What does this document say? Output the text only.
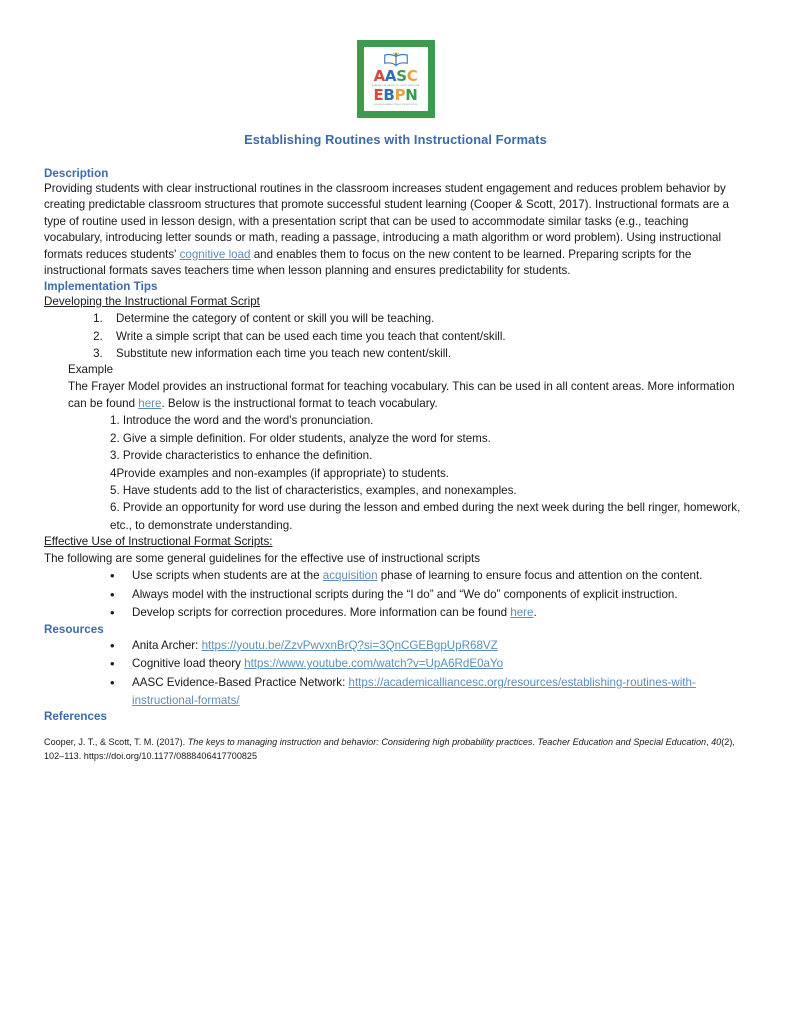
AASC
ACADEMIC ALLIANCE OF SOUTH CAROLINA
EBPN
EVIDENCE-BASED PRACTICE NETWORK
Establishing Routines with Instructional Formats
Description

Providing students with clear instructional routines in the classroom increases student engagement and reduces problem behavior by creating predictable classroom structures that promote successful student learning (Cooper & Scott, 2017). Instructional formats are a type of routine used in lesson design, with a presentation script that can be used to accommodate similar tasks (e.g., teaching vocabulary, introducing letter sounds or math, reading a passage, introducing a math algorithm or word problem). Using instructional formats reduces students' cognitive load and enables them to focus on the new content to be learned. Preparing scripts for the instructional formats saves teachers time when lesson planning and ensures predictability for students.

Implementation Tips
Developing the Instructional Format Script
1. Determine the category of content or skill you will be teaching.
2. Write a simple script that can be used each time you teach that content/skill.
3. Substitute new information each time you teach new content/skill.
Example
The Frayer Model provides an instructional format for teaching vocabulary. This can be used in all content areas. More information can be found here. Below is the instructional format to teach vocabulary.
1. Introduce the word and the word’s pronunciation.
2. Give a simple definition. For older students, analyze the word for stems.
3. Provide characteristics to enhance the definition.
4Provide examples and non-examples (if appropriate) to students.
5. Have students add to the list of characteristics, examples, and nonexamples.
6. Provide an opportunity for word use during the lesson and embed during the next week during the bell ringer, homework, etc., to demonstrate understanding.
Effective Use of Instructional Format Scripts:
The following are some general guidelines for the effective use of instructional scripts
• Use scripts when students are at the acquisition phase of learning to ensure focus and attention on the content.
• Always model with the instructional scripts during the “I do” and “We do” components of explicit instruction.
• Develop scripts for correction procedures. More information can be found here.
Resources
• Anita Archer: https://youtu.be/ZzvPwvxnBrQ?si=3QnCGEBgpUpR68VZ
• Cognitive load theory https://www.youtube.com/watch?v=UpA6RdE0aYo
• AASC Evidence-Based Practice Network: https://academicalliancesc.org/resources/establishing-routines-with-instructional-formats/
References
Cooper, J. T., & Scott, T. M. (2017). The keys to managing instruction and behavior: Considering high probability practices. Teacher Education and Special Education, 40(2), 102–113. https://doi.org/10.1177/0888406417700825
